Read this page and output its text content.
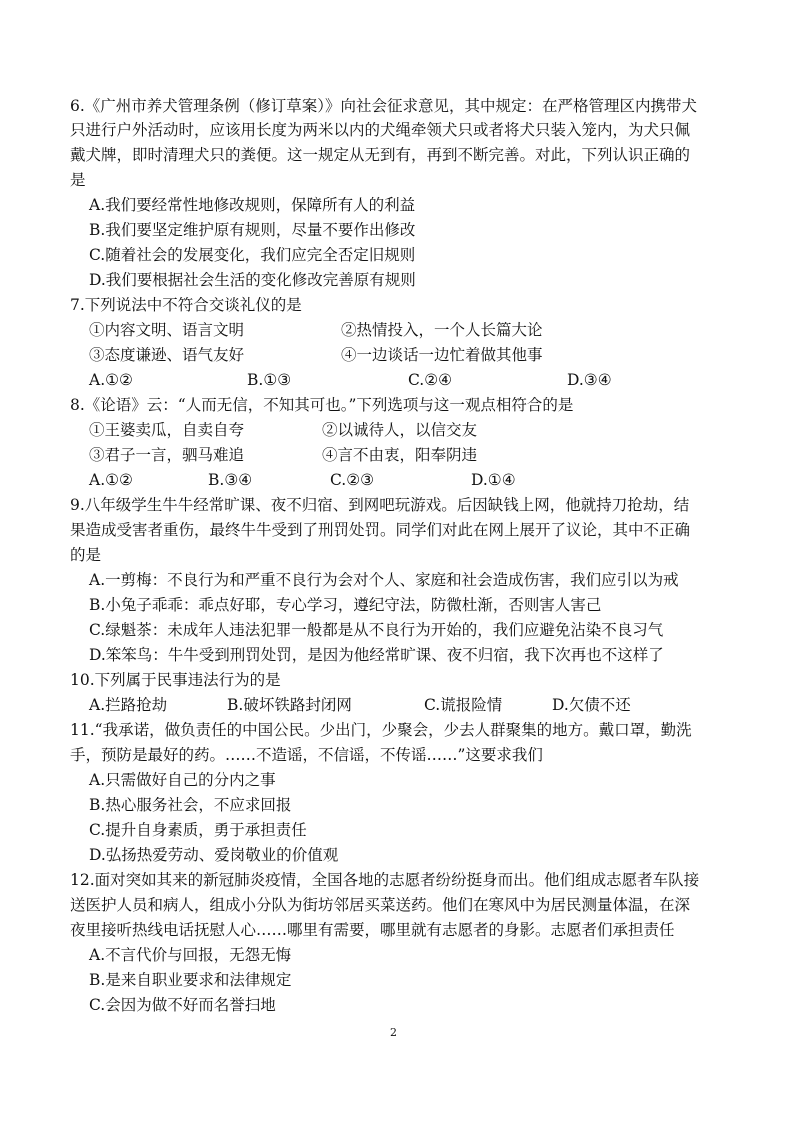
6.《广州市养犬管理条例（修订草案）》向社会征求意见，其中规定：在严格管理区内携带犬
只进行户外活动时，应该用长度为两米以内的犬绳牵领犬只或者将犬只装入笼内，为犬只佩
戴犬牌，即时清理犬只的粪便。这一规定从无到有，再到不断完善。对此，下列认识正确的
是
A.我们要经常性地修改规则，保障所有人的利益
B.我们要坚定维护原有规则，尽量不要作出修改
C.随着社会的发展变化，我们应完全否定旧规则
D.我们要根据社会生活的变化修改完善原有规则
7.下列说法中不符合交谈礼仪的是
①内容文明、语言文明	②热情投入，一个人长篇大论
③态度谦逊、语气友好	④一边谈话一边忙着做其他事
A.①②	B.①③	C.②④	D.③④
8.《论语》云：“人而无信，不知其可也。”下列选项与这一观点相符合的是
①王婆卖瓜，自卖自夸	②以诚待人，以信交友
③君子一言，驷马难追	④言不由衷，阳奉阴违
A.①②	B.③④	C.②③	D.①④
9.八年级学生牛牛经常旷课、夜不归宿、到网吧玩游戏。后因缺钱上网，他就持刀抢劫，结
果造成受害者重伤，最终牛牛受到了刑罚处罚。同学们对此在网上展开了议论，其中不正确
的是
A.一剪梅：不良行为和严重不良行为会对个人、家庭和社会造成伤害，我们应引以为戒
B.小兔子乖乖：乖点好耶，专心学习，遵纪守法，防微杜渐，否则害人害己
C.绿魁茶：未成年人违法犯罪一般都是从不良行为开始的，我们应避免沾染不良习气
D.笨笨鸟：牛牛受到刑罚处罚，是因为他经常旷课、夜不归宿，我下次再也不这样了
10.下列属于民事违法行为的是
A.拦路抢劫	B.破坏铁路封闭网	C.谎报险情	D.欠债不还
11.“我承诺，做负责任的中国公民。少出门，少聚会，少去人群聚集的地方。戴口罩，勤洗
手，预防是最好的药。……不造谣，不信谣，不传谣……”这要求我们
A.只需做好自己的分内之事
B.热心服务社会，不应求回报
C.提升自身素质，勇于承担责任
D.弘扬热爱劳动、爱岗敬业的价值观
12.面对突如其来的新冠肺炎疫情，全国各地的志愿者纷纷挺身而出。他们组成志愿者车队接
送医护人员和病人，组成小分队为街坊邻居买菜送药。他们在寒风中为居民测量体温，在深
夜里接听热线电话抚慰人心……哪里有需要，哪里就有志愿者的身影。志愿者们承担责任
A.不言代价与回报，无怨无悔
B.是来自职业要求和法律规定
C.会因为做不好而名誉扫地
2
